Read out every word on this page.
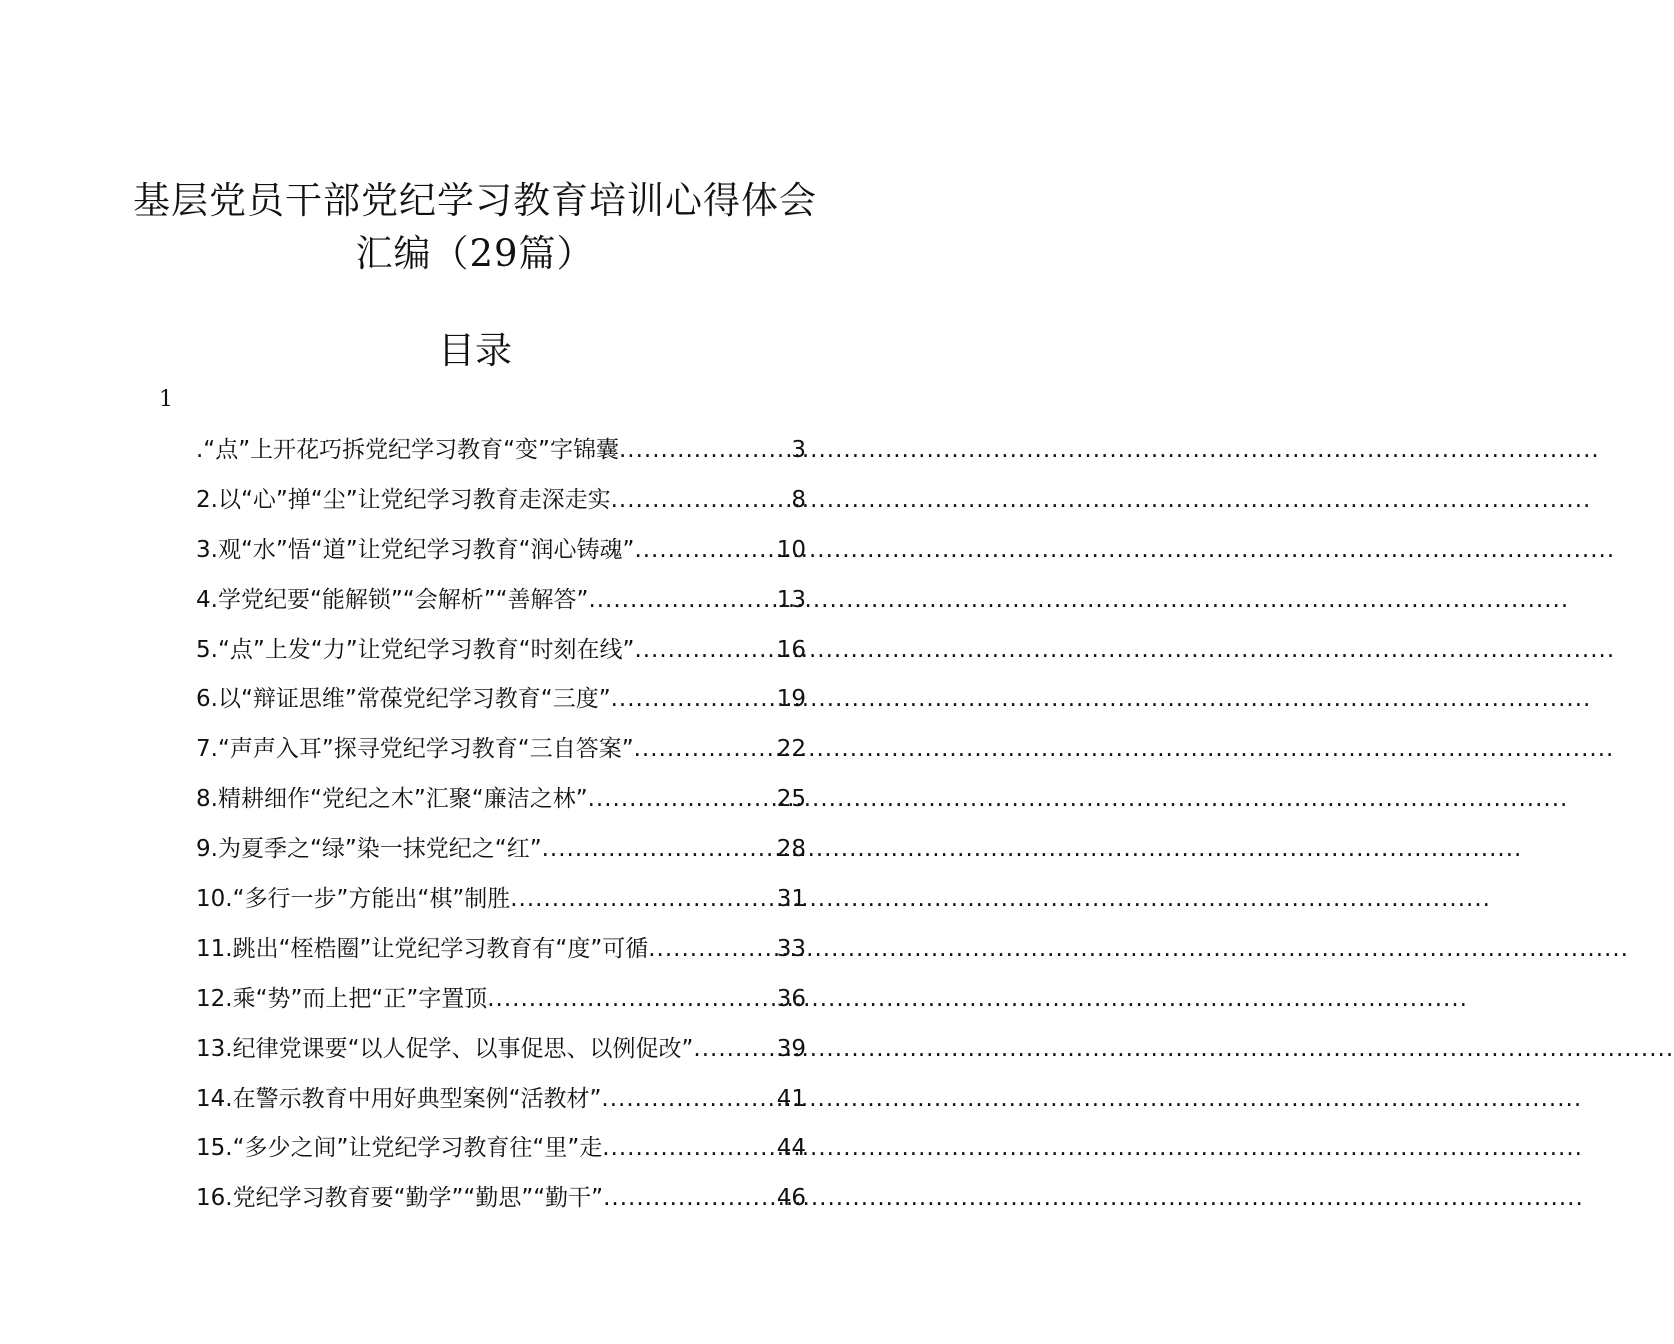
基层党员干部党纪学习教育培训心得体会
汇编（29篇）
目录
1
.“点”上开花巧拆党纪学习教育“变”字锦囊 .....	3
2.以“心”掸“尘”让党纪学习教育走深走实 .....	8
3.观“水”悟“道”让党纪学习教育“润心铸魂” .....	10
4.学党纪要“能解锁”“会解析”“善解答” .....	13
5.“点”上发“力”让党纪学习教育“时刻在线” .....	16
6.以“辩证思维”常葆党纪学习教育“三度” .....	19
7.“声声入耳”探寻党纪学习教育“三自答案” .....	22
8.精耕细作“党纪之木”汇聚“廉洁之林” .....	25
9.为夏季之“绿”染一抹党纪之“红” .....	28
10.“多行一步”方能出“棋”制胜 .....	31
11.跳出“桎梏圈”让党纪学习教育有“度”可循 .....	33
12.乘“势”而上把“正”字置顶 .....	36
13.纪律党课要“以人促学、以事促思、以例促改” .....	39
14.在警示教育中用好典型案例“活教材” .....	41
15.“多少之间”让党纪学习教育往“里”走 .....	44
16.党纪学习教育要“勤学”“勤思”“勤干” .....	46
